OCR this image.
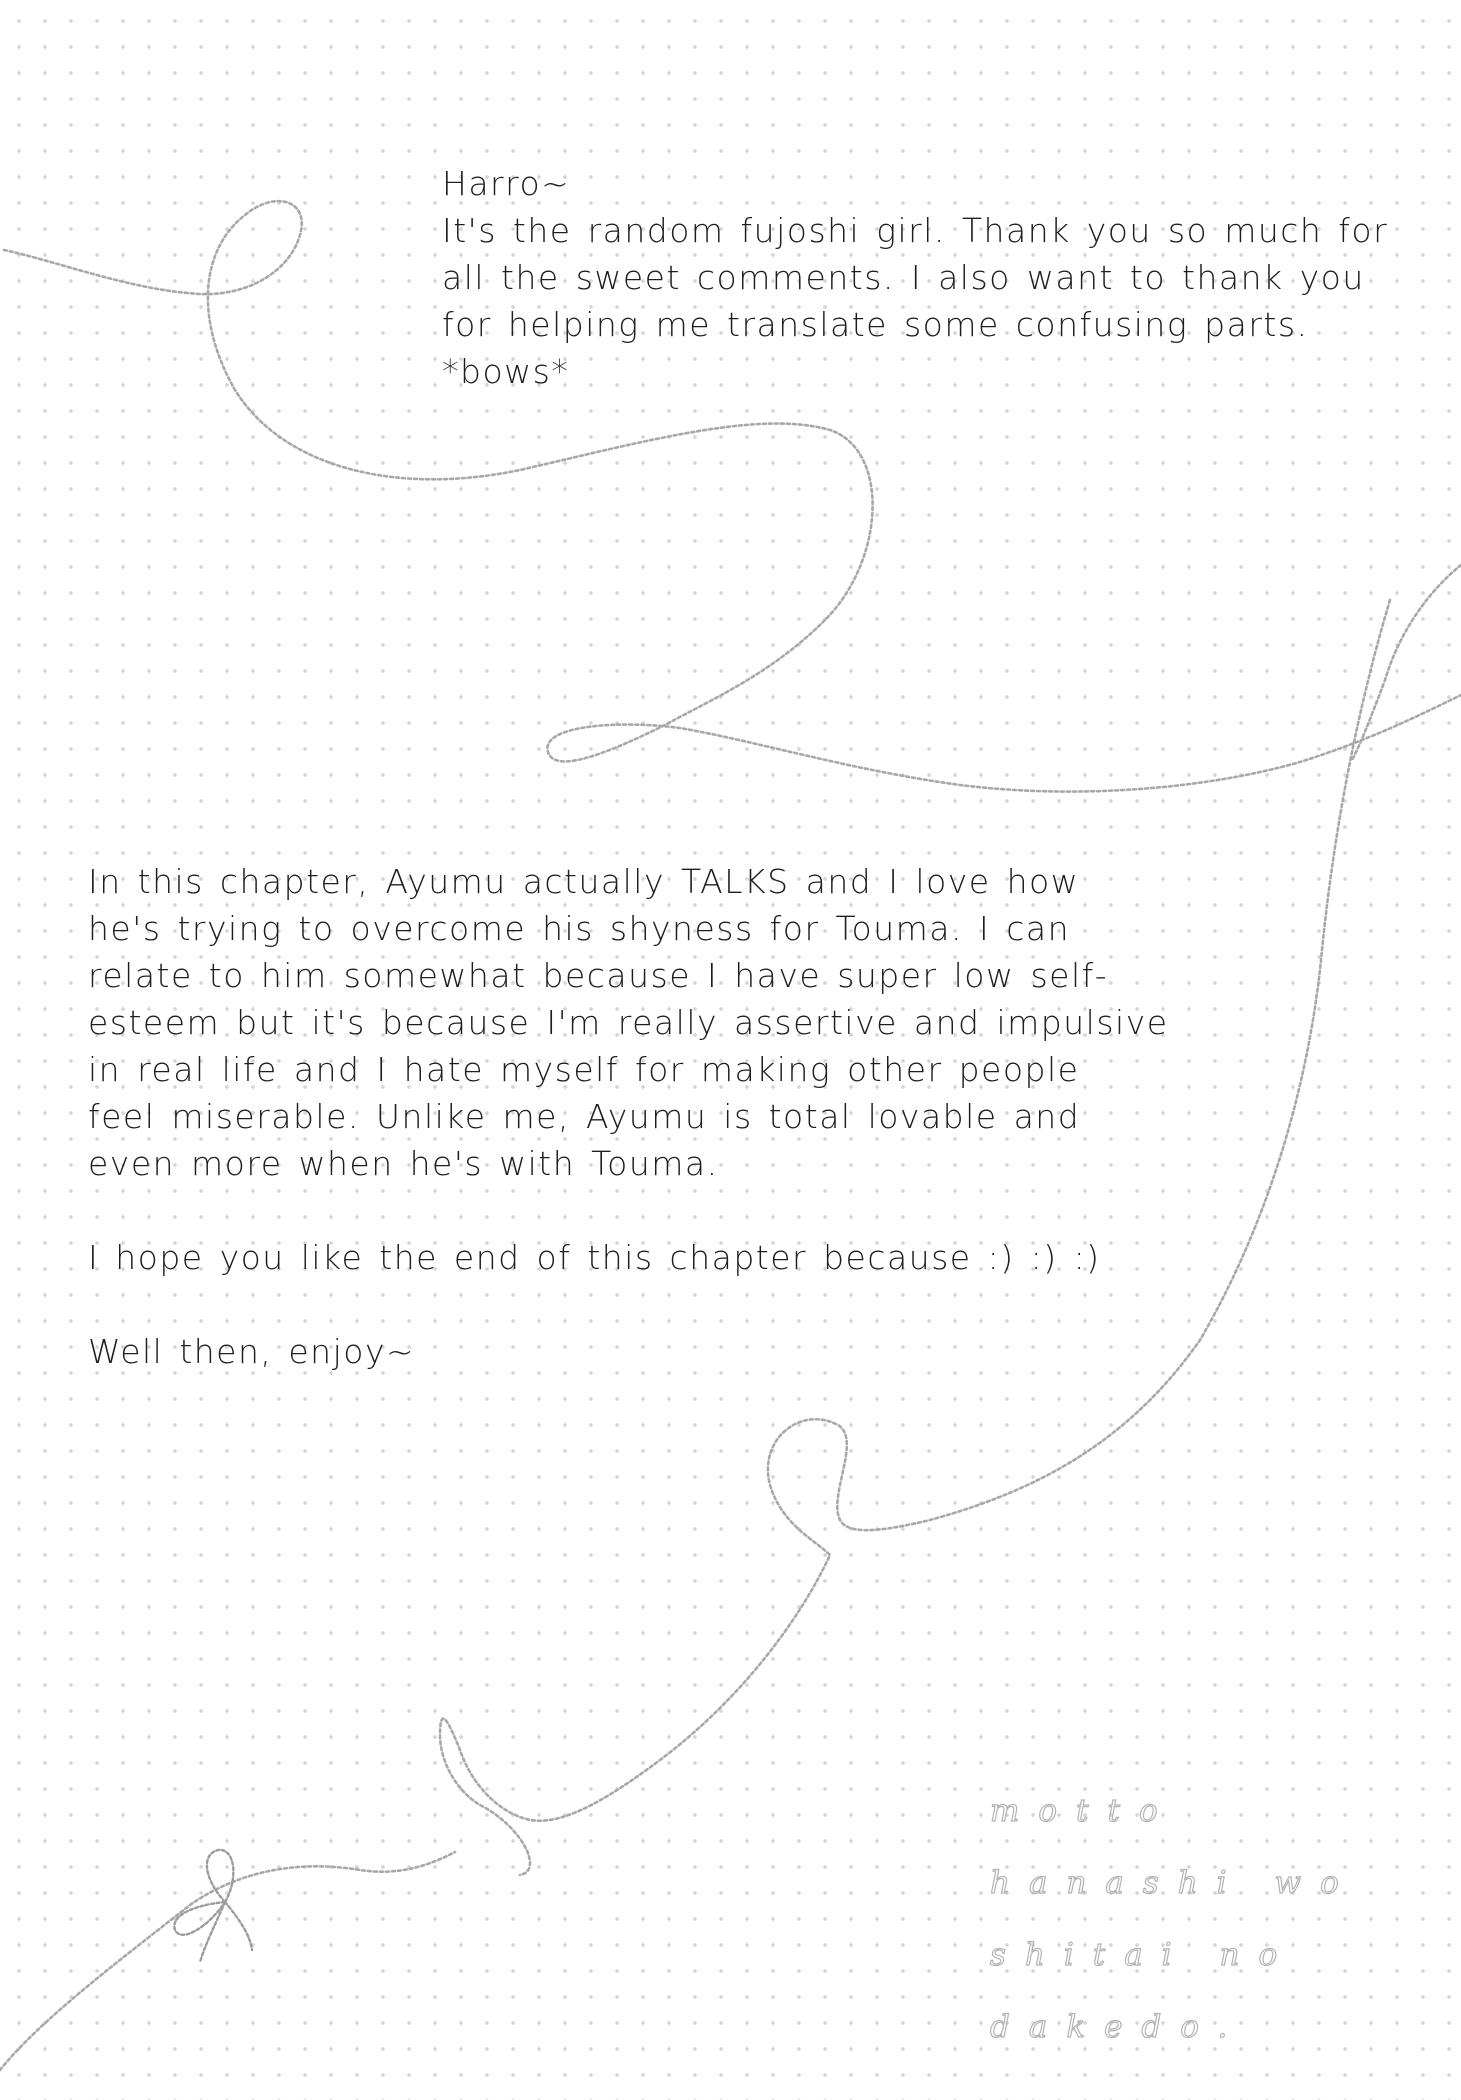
Harro~
It's the random fujoshi girl. Thank you so much for
all the sweet comments. I also want to thank you
for helping me translate some confusing parts.
*bows*
In this chapter, Ayumu actually TALKS and I love how
he's trying to overcome his shyness for Touma. I can
relate to him somewhat because I have super low self-
esteem but it's because I'm really assertive and impulsive
in real life and I hate myself for making other people
feel miserable. Unlike me, Ayumu is total lovable and
even more when he's with Touma.
I hope you like the end of this chapter because :) :) :)
Well then, enjoy~
motto
hanashi wo
shitai no
dakedo.
